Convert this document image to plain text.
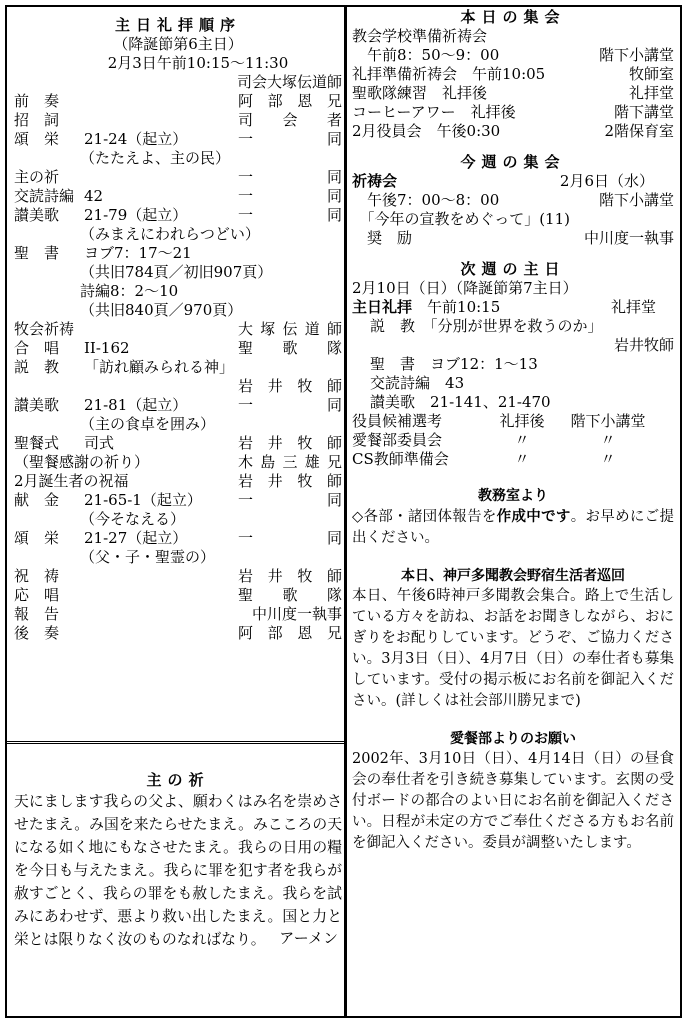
主日礼拝順序
（降誕節第6主日）
2月3日午前10:15〜11:30
司会大塚伝道師
前　奏	阿部恩兄
招　詞	司　会　者
頌　栄	21-24（起立）	一　　同
（たたえよ、主の民）
主の祈	一　　同
交読詩編 42	一　　同
讃美歌	21-79（起立）	一　　同
（みまえにわれらつどい）
聖　書	ヨブ7：17〜21
（共旧784頁／初旧907頁）
詩編8：2〜10
（共旧840頁／970頁）
牧会祈祷	大塚伝道師
合　唱	II-162	聖　歌　隊
説　教	「訪れ顧みられる神」
岩井牧師
讃美歌	21-81（起立）	一　　同
（主の食卓を囲み）
聖餐式	司式	岩井牧師
（聖餐感謝の祈り）	木島三雄兄
2月誕生者の祝福	岩井牧師
献　金	21-65-1（起立） 一　　同
（今そなえる）
頌　栄	21-27（起立）	一　　同
（父・子・聖霊の）
祝　祷	岩井牧師
応　唱	聖　歌　隊
報　告	中川度一執事
後　奏	阿部恩兄
主の祈
天にまします我らの父よ、願わくはみ名を崇めさせたまえ。み国を来たらせたまえ。みこころの天になる如く地にもなさせたまえ。我らの日用の糧を今日も与えたまえ。我らに罪を犯す者を我らが赦すごとく、我らの罪をも赦したまえ。我らを試みにあわせず、悪より救い出したまえ。国と力と栄とは限りなく汝のものなればなり。 アーメン
本日の集会
教会学校準備祈祷会
　午前8：50〜9：00	階下小講堂
礼拝準備祈祷会　午前10:05	牧師室
聖歌隊練習　礼拝後	礼拝堂
コーヒーアワー　礼拝後	階下講堂
2月役員会　午後0:30	2階保育室
今週の集会
祈祷会	2月6日（水）
　午後7：00〜8：00	階下小講堂
　「今年の宣教をめぐって」(11)
　奨　励	中川度一執事
次週の主日
2月10日（日）（降誕節第7主日）
主日礼拝　 午前10:15	礼拝堂
説　教　 「分別が世界を救うのか」
岩井牧師
聖　書　 ヨブ12：1〜13
交読詩編　 43
讃美歌　 21-141、21-470
役員候補選考	礼拝後	階下小講堂
愛餐部委員会	〃	〃
CS教師準備会	〃	〃
教務室より
◇各部・諸団体報告を作成中です。お早めにご提出ください。
本日、神戸多聞教会野宿生活者巡回
本日、午後6時神戸多聞教会集合。路上で生活している方々を訪ね、お話をお聞きしながら、おにぎりをお配りしています。どうぞ、ご協力ください。3月3日（日）、4月7日（日）の奉仕者も募集しています。受付の掲示板にお名前を御記入ください。(詳しくは社会部川勝兄まで)
愛餐部よりのお願い
2002年、3月10日（日）、4月14日（日）の昼食会の奉仕者を引き続き募集しています。玄関の受付ボードの都合のよい日にお名前を御記入ください。日程が未定の方でご奉仕くださる方もお名前を御記入ください。委員が調整いたします。
